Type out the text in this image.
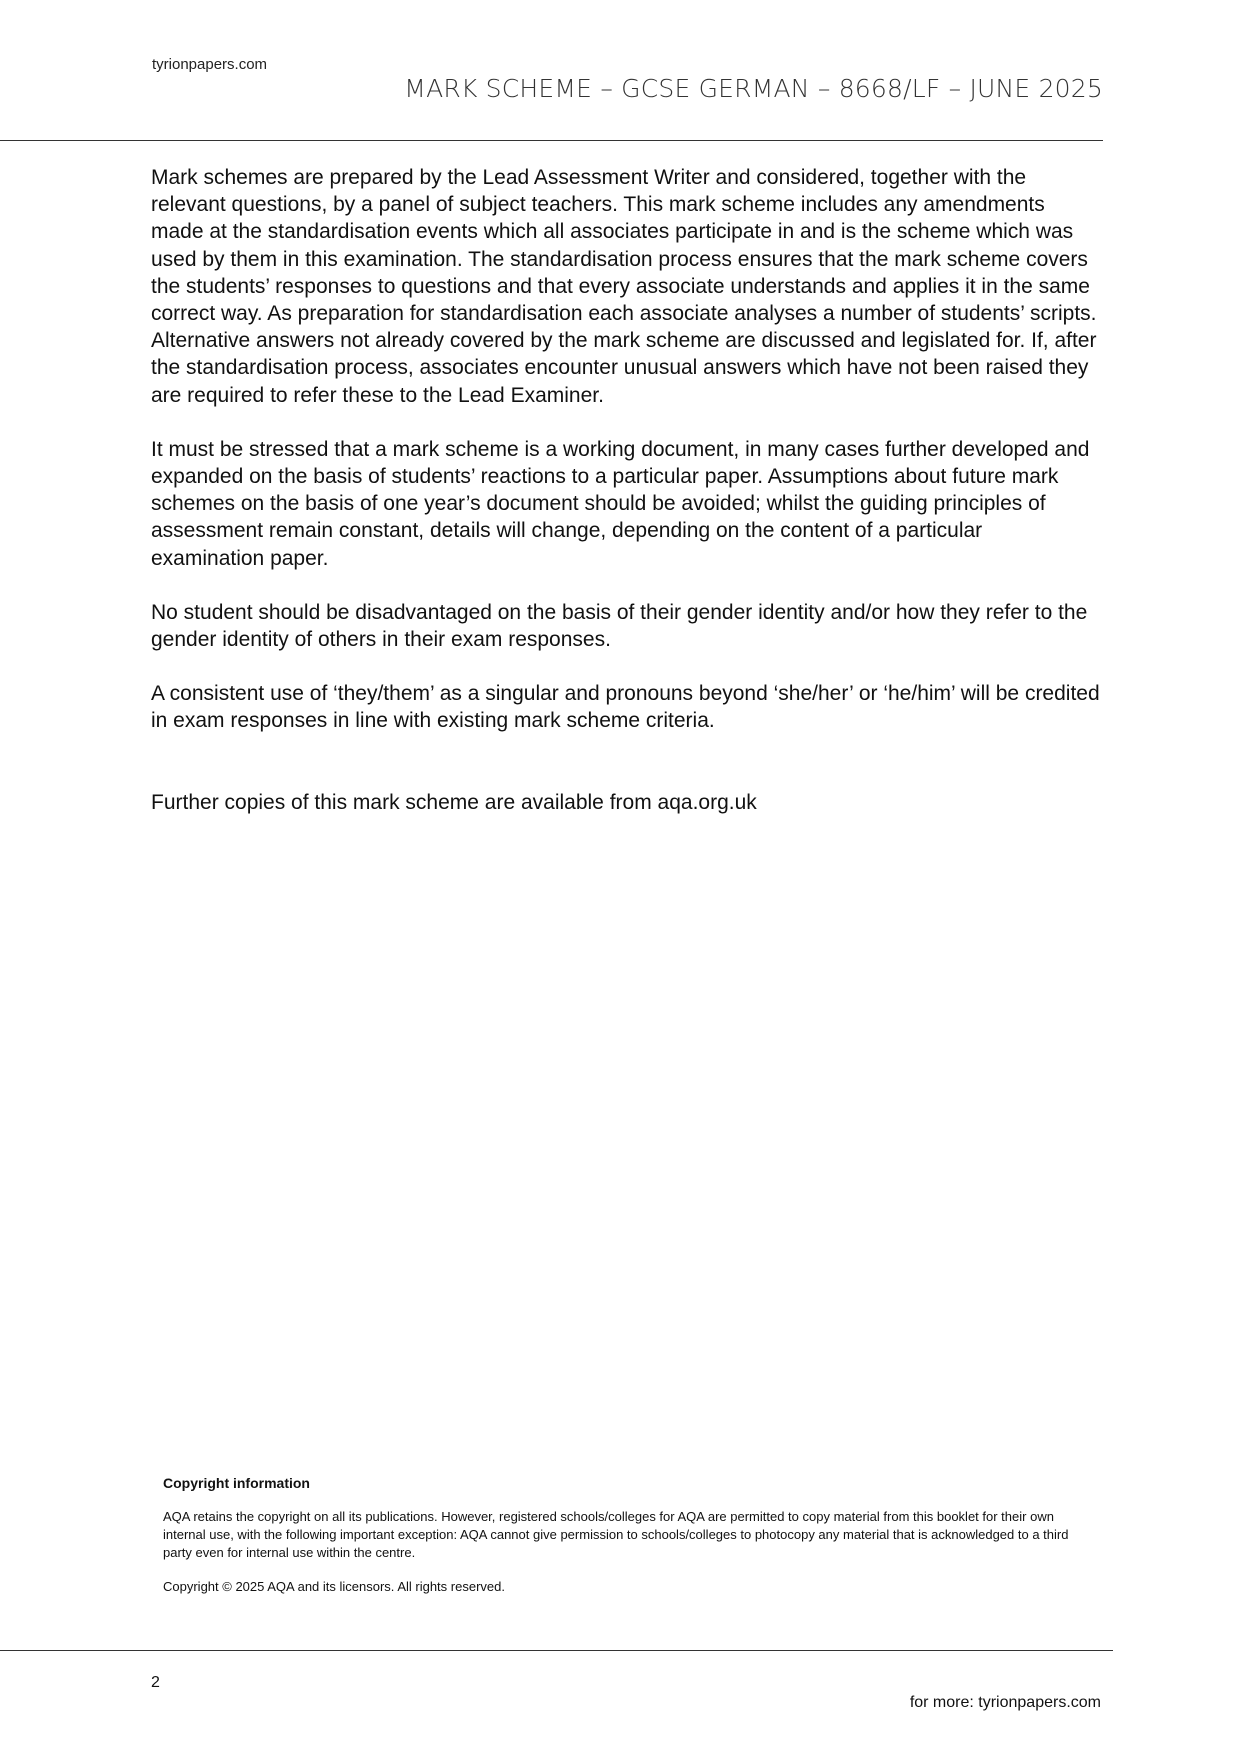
tyrionpapers.com
MARK SCHEME – GCSE GERMAN – 8668/LF – JUNE 2025

Mark schemes are prepared by the Lead Assessment Writer and considered, together with the relevant questions, by a panel of subject teachers. This mark scheme includes any amendments made at the standardisation events which all associates participate in and is the scheme which was used by them in this examination. The standardisation process ensures that the mark scheme covers the students’ responses to questions and that every associate understands and applies it in the same correct way. As preparation for standardisation each associate analyses a number of students’ scripts. Alternative answers not already covered by the mark scheme are discussed and legislated for. If, after the standardisation process, associates encounter unusual answers which have not been raised they are required to refer these to the Lead Examiner.

It must be stressed that a mark scheme is a working document, in many cases further developed and expanded on the basis of students’ reactions to a particular paper. Assumptions about future mark schemes on the basis of one year’s document should be avoided; whilst the guiding principles of assessment remain constant, details will change, depending on the content of a particular examination paper.

No student should be disadvantaged on the basis of their gender identity and/or how they refer to the gender identity of others in their exam responses.

A consistent use of ‘they/them’ as a singular and pronouns beyond ‘she/her’ or ‘he/him’ will be credited in exam responses in line with existing mark scheme criteria.

Further copies of this mark scheme are available from aqa.org.uk

Copyright information

AQA retains the copyright on all its publications. However, registered schools/colleges for AQA are permitted to copy material from this booklet for their own internal use, with the following important exception: AQA cannot give permission to schools/colleges to photocopy any material that is acknowledged to a third party even for internal use within the centre.

Copyright © 2025 AQA and its licensors. All rights reserved.

2
for more: tyrionpapers.com
